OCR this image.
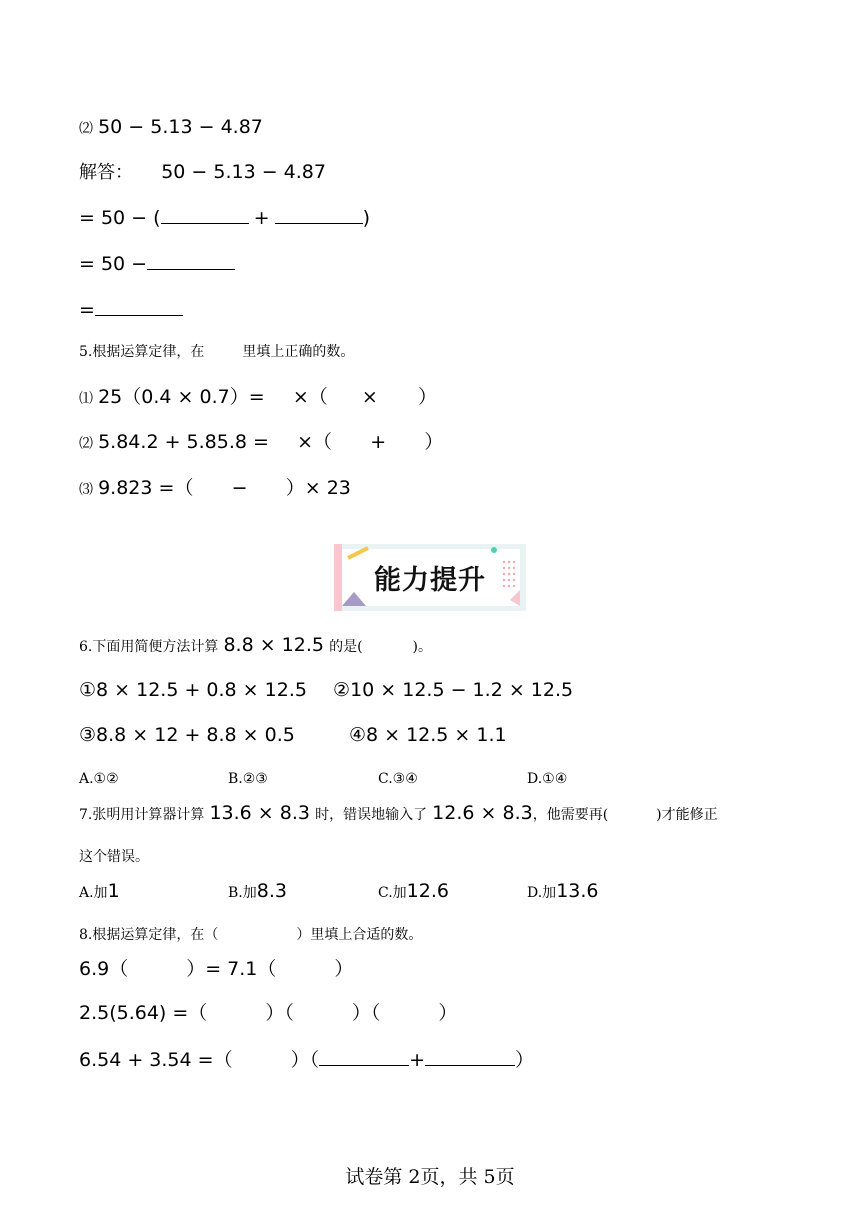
⑵ 50 − 5.13 − 4.87
解答： 50 − 5.13 − 4.87
= 50 − (	+	)
= 50 −
=
5.根据运算定律，在	里填上正确的数。
⑴ 25（0.4 × 0.7）= ×（ × ）
⑵ 5.84.2 + 5.85.8 = ×（ + ）
⑶ 9.823 =（ − ）× 23
能力提升
6.下面用简便方法计算 8.8 × 12.5 的是(	)。
①8 × 12.5 + 0.8 × 12.5 ②10 × 12.5 − 1.2 × 12.5
③8.8 × 12 + 8.8 × 0.5	④8 × 12.5 × 1.1
A.①②	B.②③	C.③④	D.①④
7.张明用计算器计算 13.6 × 8.3 时，错误地输入了 12.6 × 8.3，他需要再(	)才能修正
这个错误。
A.加1	B.加8.3	C.加12.6	D.加13.6
8.根据运算定律，在（	）里填上合适的数。
6.9（	）= 7.1（	）
2.5(5.64) =（	）（	）（	）
6.54 + 3.54 =（	）（	+	）
试卷第 2页，共 5页
